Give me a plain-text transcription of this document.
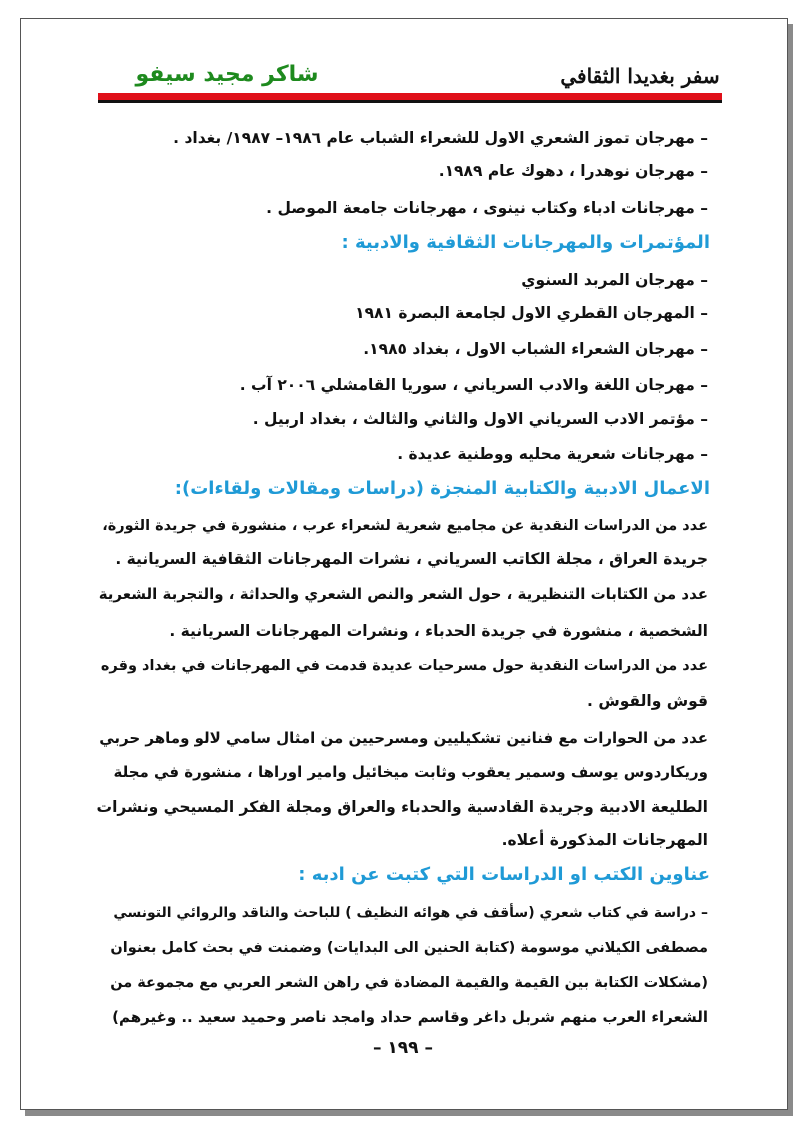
سفر بغديدا الثقافي
شاكر مجيد سيفو
– مهرجان تموز الشعري الاول للشعراء الشباب عام ١٩٨٦– ١٩٨٧/ بغداد .
– مهرجان نوهدرا ، دهوك عام ١٩٨٩.
– مهرجانات ادباء وكتاب نينوى ، مهرجانات جامعة الموصل .
المؤتمرات والمهرجانات الثقافية والادبية :
– مهرجان المربد السنوي
– المهرجان القطري الاول لجامعة البصرة ١٩٨١
– مهرجان الشعراء الشباب الاول ، بغداد ١٩٨٥.
– مهرجان اللغة والادب السرياني ، سوريا القامشلي ٢٠٠٦ آب .
– مؤتمر الادب السرياني الاول والثاني والثالث ، بغداد اربيل .
– مهرجانات شعرية محليه ووطنية عديدة .
الاعمال الادبية والكتابية المنجزة (دراسات ومقالات ولقاءات):
عدد من الدراسات النقدية عن مجاميع شعرية لشعراء عرب ، منشورة في جريدة الثورة،
جريدة العراق ، مجلة الكاتب السرياني ، نشرات المهرجانات الثقافية السريانية .
عدد من الكتابات التنظيرية ، حول الشعر والنص الشعري والحداثة ، والتجربة الشعرية
الشخصية ، منشورة في جريدة الحدباء ، ونشرات المهرجانات السريانية .
عدد من الدراسات النقدية حول مسرحيات عديدة قدمت في المهرجانات في بغداد وقره
قوش والقوش .
عدد من الحوارات مع فنانين تشكيليين ومسرحيين من امثال سامي لالو وماهر حربي
وريكاردوس يوسف وسمير يعقوب وثابت ميخائيل وامير اوراها ، منشورة في مجلة
الطليعة الادبية وجريدة القادسية والحدباء والعراق ومجلة الفكر المسيحي ونشرات
المهرجانات المذكورة أعلاه.
عناوين الكتب او الدراسات التي كتبت عن ادبه :
– دراسة في كتاب شعري (سأقف في هوائه النظيف ) للباحث والناقد والروائي التونسي
مصطفى الكيلاني موسومة (كتابة الحنين الى البدايات) وضمنت في بحث كامل بعنوان
(مشكلات الكتابة بين القيمة والقيمة المضادة في راهن الشعر العربي مع مجموعة من
الشعراء العرب منهم شربل داغر وقاسم حداد وامجد ناصر وحميد سعيد .. وغيرهم)
– ١٩٩ –
